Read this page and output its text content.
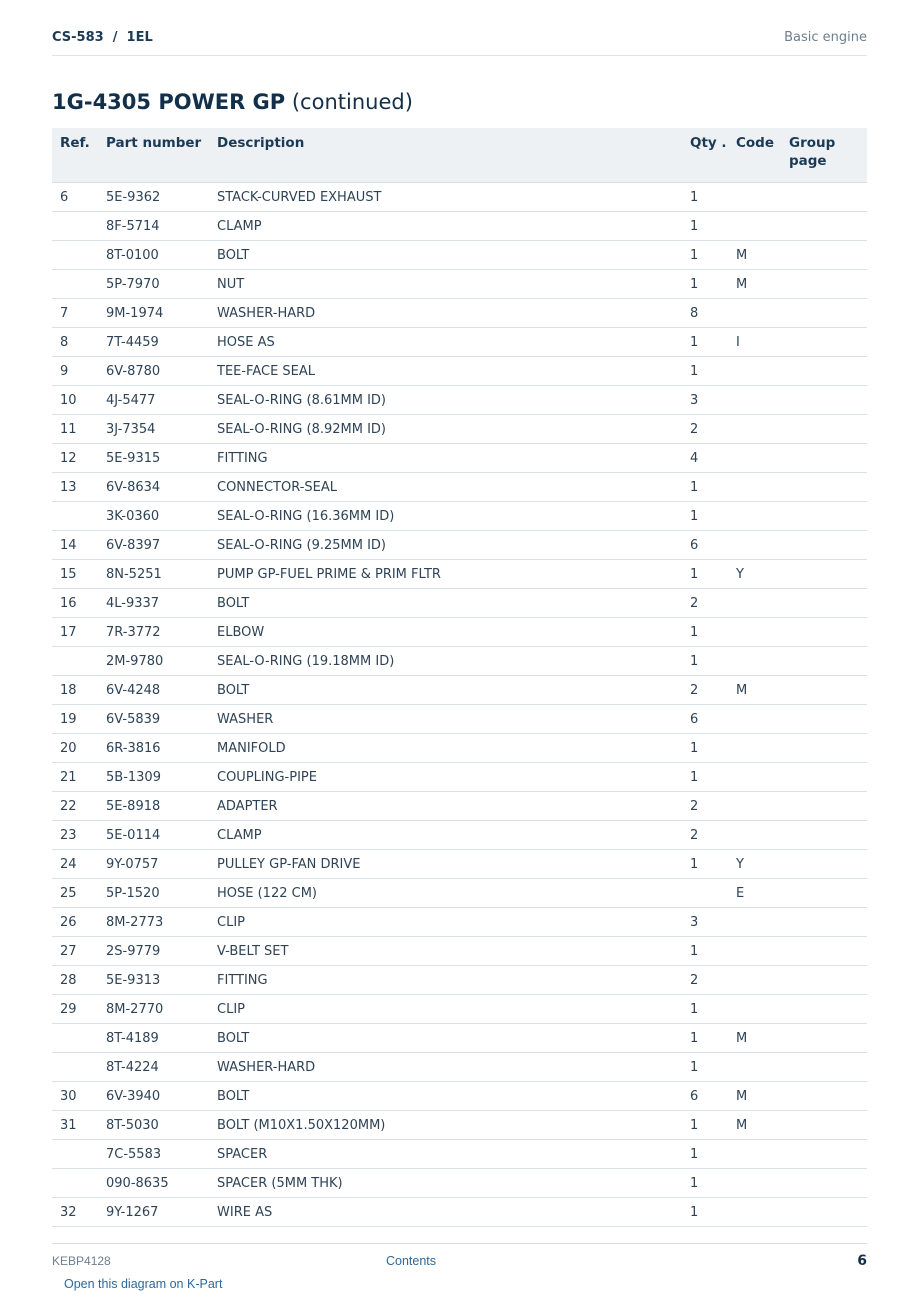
CS-583  /  1EL	Basic engine
1G-4305 POWER GP (continued)
Ref.	Part number	Description	Qty .	Code	Group page
6	5E-9362	STACK-CURVED EXHAUST	1		
	8F-5714	CLAMP	1		
	8T-0100	BOLT	1	M	
	5P-7970	NUT	1	M	
7	9M-1974	WASHER-HARD	8		
8	7T-4459	HOSE AS	1	I	
9	6V-8780	TEE-FACE SEAL	1		
10	4J-5477	SEAL-O-RING (8.61MM ID)	3		
11	3J-7354	SEAL-O-RING (8.92MM ID)	2		
12	5E-9315	FITTING	4		
13	6V-8634	CONNECTOR-SEAL	1		
	3K-0360	SEAL-O-RING (16.36MM ID)	1		
14	6V-8397	SEAL-O-RING (9.25MM ID)	6		
15	8N-5251	PUMP GP-FUEL PRIME & PRIM FLTR	1	Y	
16	4L-9337	BOLT	2		
17	7R-3772	ELBOW	1		
	2M-9780	SEAL-O-RING (19.18MM ID)	1		
18	6V-4248	BOLT	2	M	
19	6V-5839	WASHER	6		
20	6R-3816	MANIFOLD	1		
21	5B-1309	COUPLING-PIPE	1		
22	5E-8918	ADAPTER	2		
23	5E-0114	CLAMP	2		
24	9Y-0757	PULLEY GP-FAN DRIVE	1	Y	
25	5P-1520	HOSE (122 CM)		E	
26	8M-2773	CLIP	3		
27	2S-9779	V-BELT SET	1		
28	5E-9313	FITTING	2		
29	8M-2770	CLIP	1		
	8T-4189	BOLT	1	M	
	8T-4224	WASHER-HARD	1		
30	6V-3940	BOLT	6	M	
31	8T-5030	BOLT (M10X1.50X120MM)	1	M	
	7C-5583	SPACER	1		
	090-8635	SPACER (5MM THK)	1		
32	9Y-1267	WIRE AS	1		
KEBP4128	Contents	6
Open this diagram on K-Part
